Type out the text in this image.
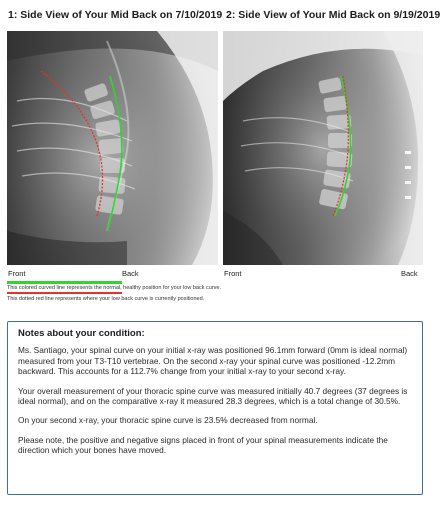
1: Side View of Your Mid Back on 7/10/2019 2: Side View of Your Mid Back on 9/19/2019
Front	Back	Front	Back
This colored curved line represents the normal, healthy position for your low back curve.
This dotted red line represents where your low back curve is currently positioned.
Notes about your condition:

Ms. Santiago, your spinal curve on your initial x-ray was positioned 96.1mm forward (0mm is ideal normal) measured from your T3-T10 vertebrae. On the second x-ray your spinal curve was positioned -12.2mm backward. This accounts for a 112.7% change from your initial x-ray to your second x-ray.

Your overall measurement of your thoracic spine curve was measured initially 40.7 degrees (37 degrees is ideal normal), and on the comparative x-ray it measured 28.3 degrees, which is a total change of 30.5%.

On your second x-ray, your thoracic spine curve is 23.5% decreased from normal.

Please note, the positive and negative signs placed in front of your spinal measurements indicate the direction which your bones have moved.
